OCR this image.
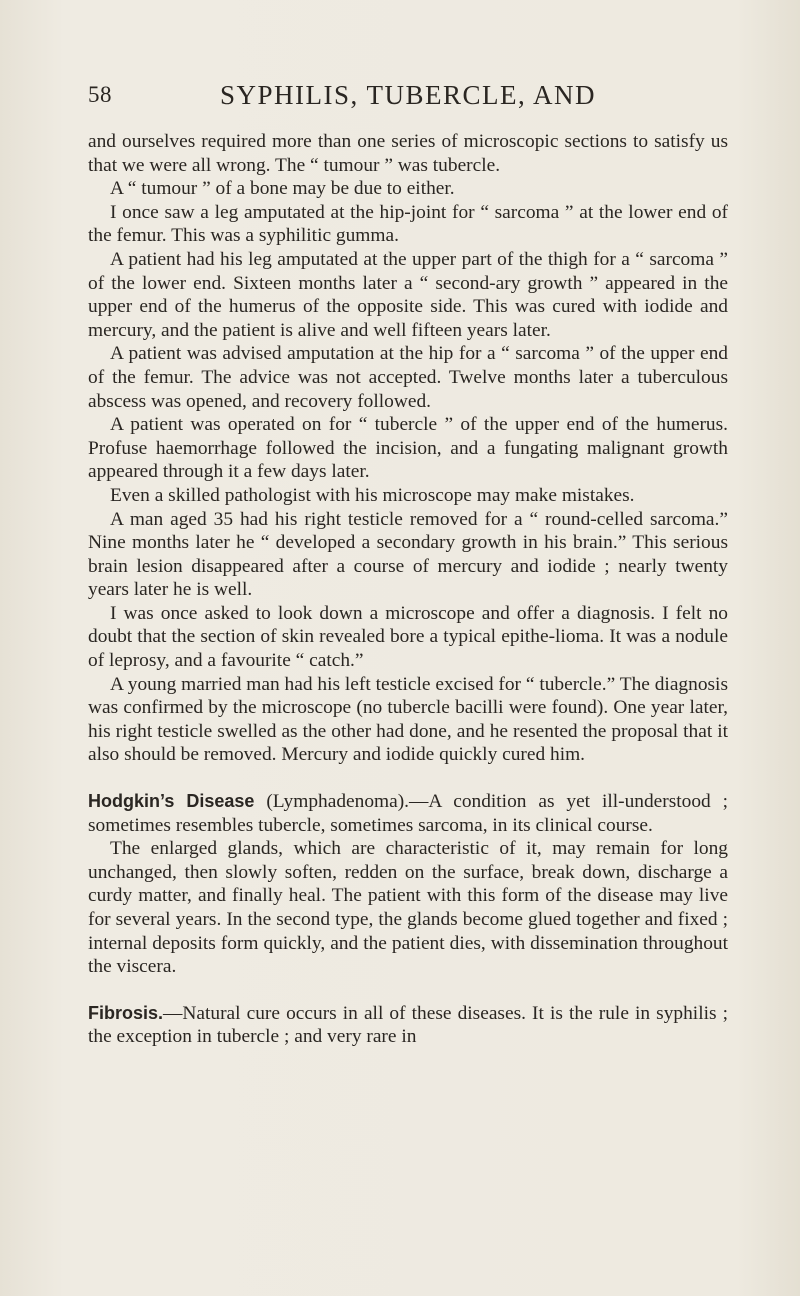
58	SYPHILIS, TUBERCLE, AND

and ourselves required more than one series of microscopic sections to satisfy us that we were all wrong. The “ tumour ” was tubercle.

A “ tumour ” of a bone may be due to either.

I once saw a leg amputated at the hip-joint for “ sarcoma ” at the lower end of the femur. This was a syphilitic gumma.

A patient had his leg amputated at the upper part of the thigh for a “ sarcoma ” of the lower end. Sixteen months later a “ second-ary growth ” appeared in the upper end of the humerus of the opposite side. This was cured with iodide and mercury, and the patient is alive and well fifteen years later.

A patient was advised amputation at the hip for a “ sarcoma ” of the upper end of the femur. The advice was not accepted. Twelve months later a tuberculous abscess was opened, and recovery followed.

A patient was operated on for “ tubercle ” of the upper end of the humerus. Profuse haemorrhage followed the incision, and a fungating malignant growth appeared through it a few days later.

Even a skilled pathologist with his microscope may make mistakes.

A man aged 35 had his right testicle removed for a “ round-celled sarcoma.” Nine months later he “ developed a secondary growth in his brain.” This serious brain lesion disappeared after a course of mercury and iodide ; nearly twenty years later he is well.

I was once asked to look down a microscope and offer a diagnosis. I felt no doubt that the section of skin revealed bore a typical epithe-lioma. It was a nodule of leprosy, and a favourite “ catch.”

A young married man had his left testicle excised for “ tubercle.” The diagnosis was confirmed by the microscope (no tubercle bacilli were found). One year later, his right testicle swelled as the other had done, and he resented the proposal that it also should be removed. Mercury and iodide quickly cured him.

Hodgkin’s Disease (Lymphadenoma).—A condition as yet ill-understood ; sometimes resembles tubercle, sometimes sarcoma, in its clinical course.

The enlarged glands, which are characteristic of it, may remain for long unchanged, then slowly soften, redden on the surface, break down, discharge a curdy matter, and finally heal. The patient with this form of the disease may live for several years. In the second type, the glands become glued together and fixed ; internal deposits form quickly, and the patient dies, with dissemination throughout the viscera.

Fibrosis.—Natural cure occurs in all of these diseases. It is the rule in syphilis ; the exception in tubercle ; and very rare in
